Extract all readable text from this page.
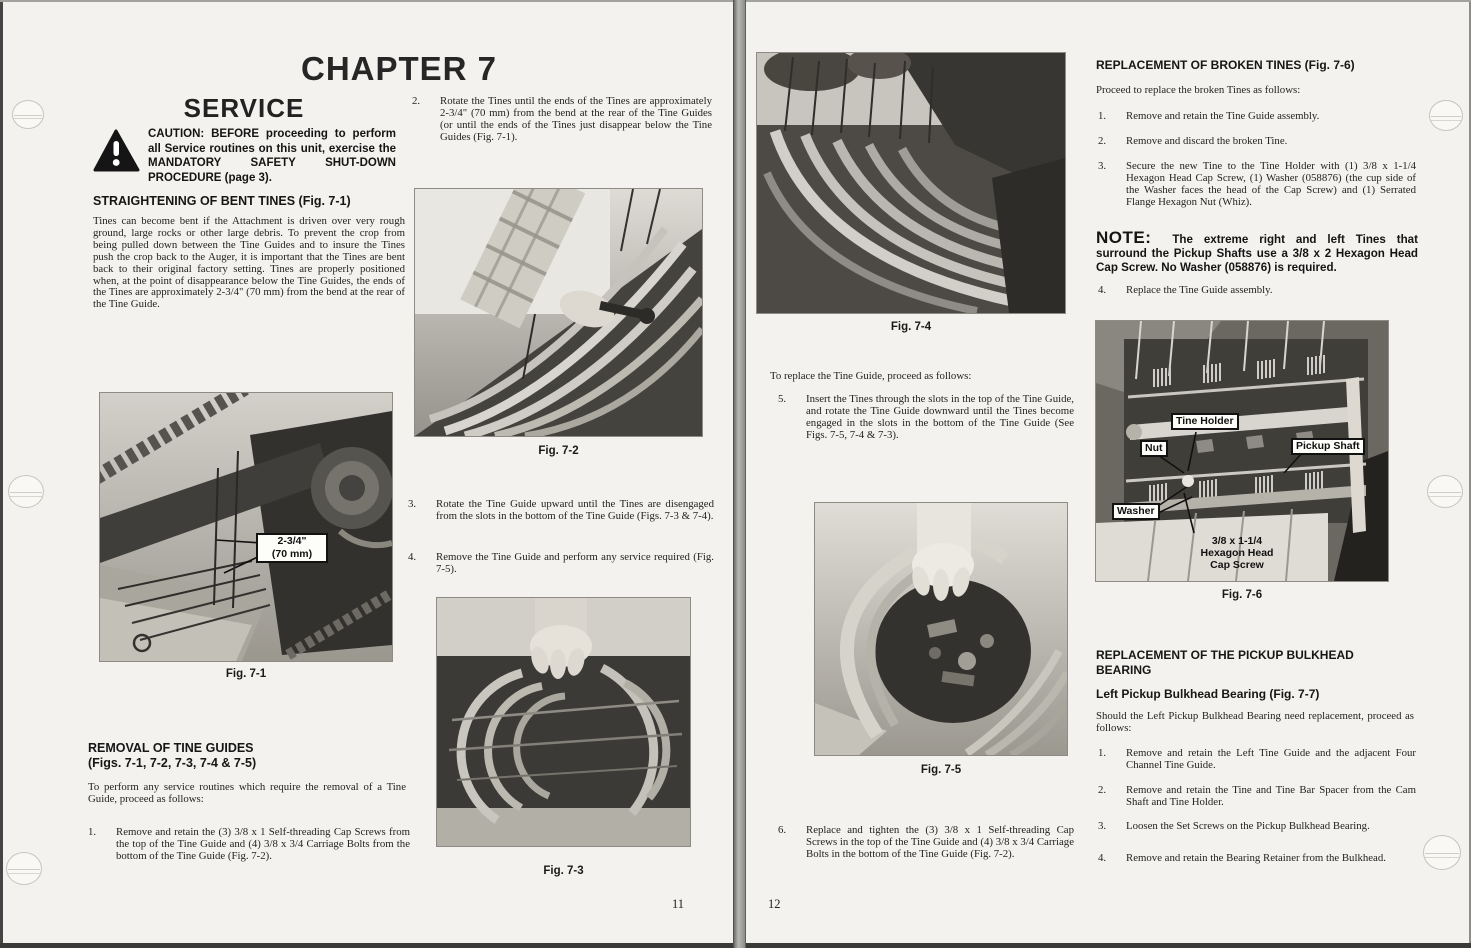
CHAPTER 7
SERVICE
CAUTION: BEFORE proceeding to perform all Service routines on this unit, exercise the MANDATORY SAFETY SHUT-DOWN PROCEDURE (page 3).
STRAIGHTENING OF BENT TINES (Fig. 7-1)
Tines can become bent if the Attachment is driven over very rough ground, large rocks or other large debris. To prevent the crop from being pulled down between the Tine Guides and to insure the Tines push the crop back to the Auger, it is important that the Tines are bent back to their original factory setting. Tines are properly positioned when, at the point of disappearance below the Tine Guides, the ends of the Tines are approximately 2-3/4" (70 mm) from the bend at the rear of the Tine Guide.
2-3/4"
(70 mm)
Fig. 7-1
REMOVAL OF TINE GUIDES
(Figs. 7-1, 7-2, 7-3, 7-4 & 7-5)
To perform any service routines which require the removal of a Tine Guide, proceed as follows:
1.	Remove and retain the (3) 3/8 x 1 Self-threading Cap Screws from the top of the Tine Guide and (4) 3/8 x 3/4 Carriage Bolts from the bottom of the Tine Guide (Fig. 7-2).
2.	Rotate the Tines until the ends of the Tines are approximately 2-3/4" (70 mm) from the bend at the rear of the Tine Guides (or until the ends of the Tines just disappear below the Tine Guides (Fig. 7-1).
Fig. 7-2
3.	Rotate the Tine Guide upward until the Tines are disengaged from the slots in the bottom of the Tine Guide (Figs. 7-3 & 7-4).
4.	Remove the Tine Guide and perform any service required (Fig. 7-5).
Fig. 7-3
11
Fig. 7-4
To replace the Tine Guide, proceed as follows:
5.	Insert the Tines through the slots in the top of the Tine Guide, and rotate the Tine Guide downward until the Tines become engaged in the slots in the bottom of the Tine Guide (See Figs. 7-5, 7-4 & 7-3).
Fig. 7-5
6.	Replace and tighten the (3) 3/8 x 1 Self-threading Cap Screws in the top of the Tine Guide and (4) 3/8 x 3/4 Carriage Bolts in the bottom of the Tine Guide (Fig. 7-2).
12
REPLACEMENT OF BROKEN TINES (Fig. 7-6)
Proceed to replace the broken Tines as follows:
1.	Remove and retain the Tine Guide assembly.
2.	Remove and discard the broken Tine.
3.	Secure the new Tine to the Tine Holder with (1) 3/8 x 1-1/4 Hexagon Head Cap Screw, (1) Washer (058876) (the cup side of the Washer faces the head of the Cap Screw) and (1) Serrated Flange Hexagon Nut (Whiz).
NOTE: The extreme right and left Tines that surround the Pickup Shafts use a 3/8 x 2 Hexagon Head Cap Screw. No Washer (058876) is required.
4.	Replace the Tine Guide assembly.
Tine Holder
Nut	Pickup Shaft
Washer
3/8 x 1-1/4
Hexagon Head
Cap Screw
Fig. 7-6
REPLACEMENT OF THE PICKUP BULKHEAD
BEARING
Left Pickup Bulkhead Bearing (Fig. 7-7)
Should the Left Pickup Bulkhead Bearing need replacement, proceed as follows:
1.	Remove and retain the Left Tine Guide and the adjacent Four Channel Tine Guide.
2.	Remove and retain the Tine and Tine Bar Spacer from the Cam Shaft and Tine Holder.
3.	Loosen the Set Screws on the Pickup Bulkhead Bearing.
4.	Remove and retain the Bearing Retainer from the Bulkhead.
